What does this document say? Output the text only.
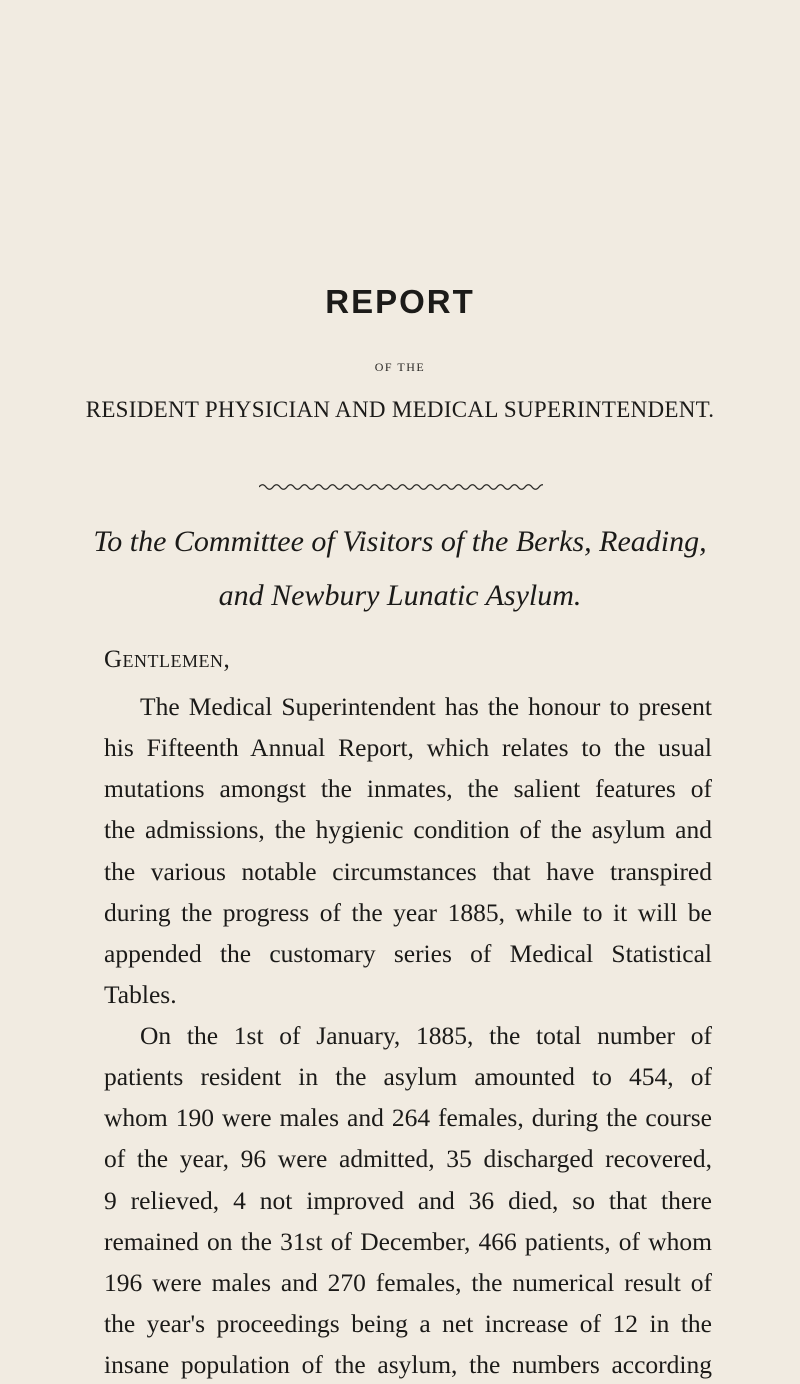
REPORT
OF THE
RESIDENT PHYSICIAN AND MEDICAL SUPERINTENDENT.
To the Committee of Visitors of the Berks, Reading,
and Newbury Lunatic Asylum.
Gentlemen,
The Medical Superintendent has the honour to present
his Fifteenth Annual Report, which relates to the usual
mutations amongst the inmates, the salient features of
the admissions, the hygienic condition of the asylum and
the various notable circumstances that have transpired
during the progress of the year 1885, while to it will be
appended the customary series of Medical Statistical
Tables.
On the 1st of January, 1885, the total number of
patients resident in the asylum amounted to 454, of
whom 190 were males and 264 females, during the course
of the year, 96 were admitted, 35 discharged recovered,
9 relieved, 4 not improved and 36 died, so that there
remained on the 31st of December, 466 patients, of whom
196 were males and 270 females, the numerical result of
the year's proceedings being a net increase of 12 in the
insane population of the asylum, the numbers according
